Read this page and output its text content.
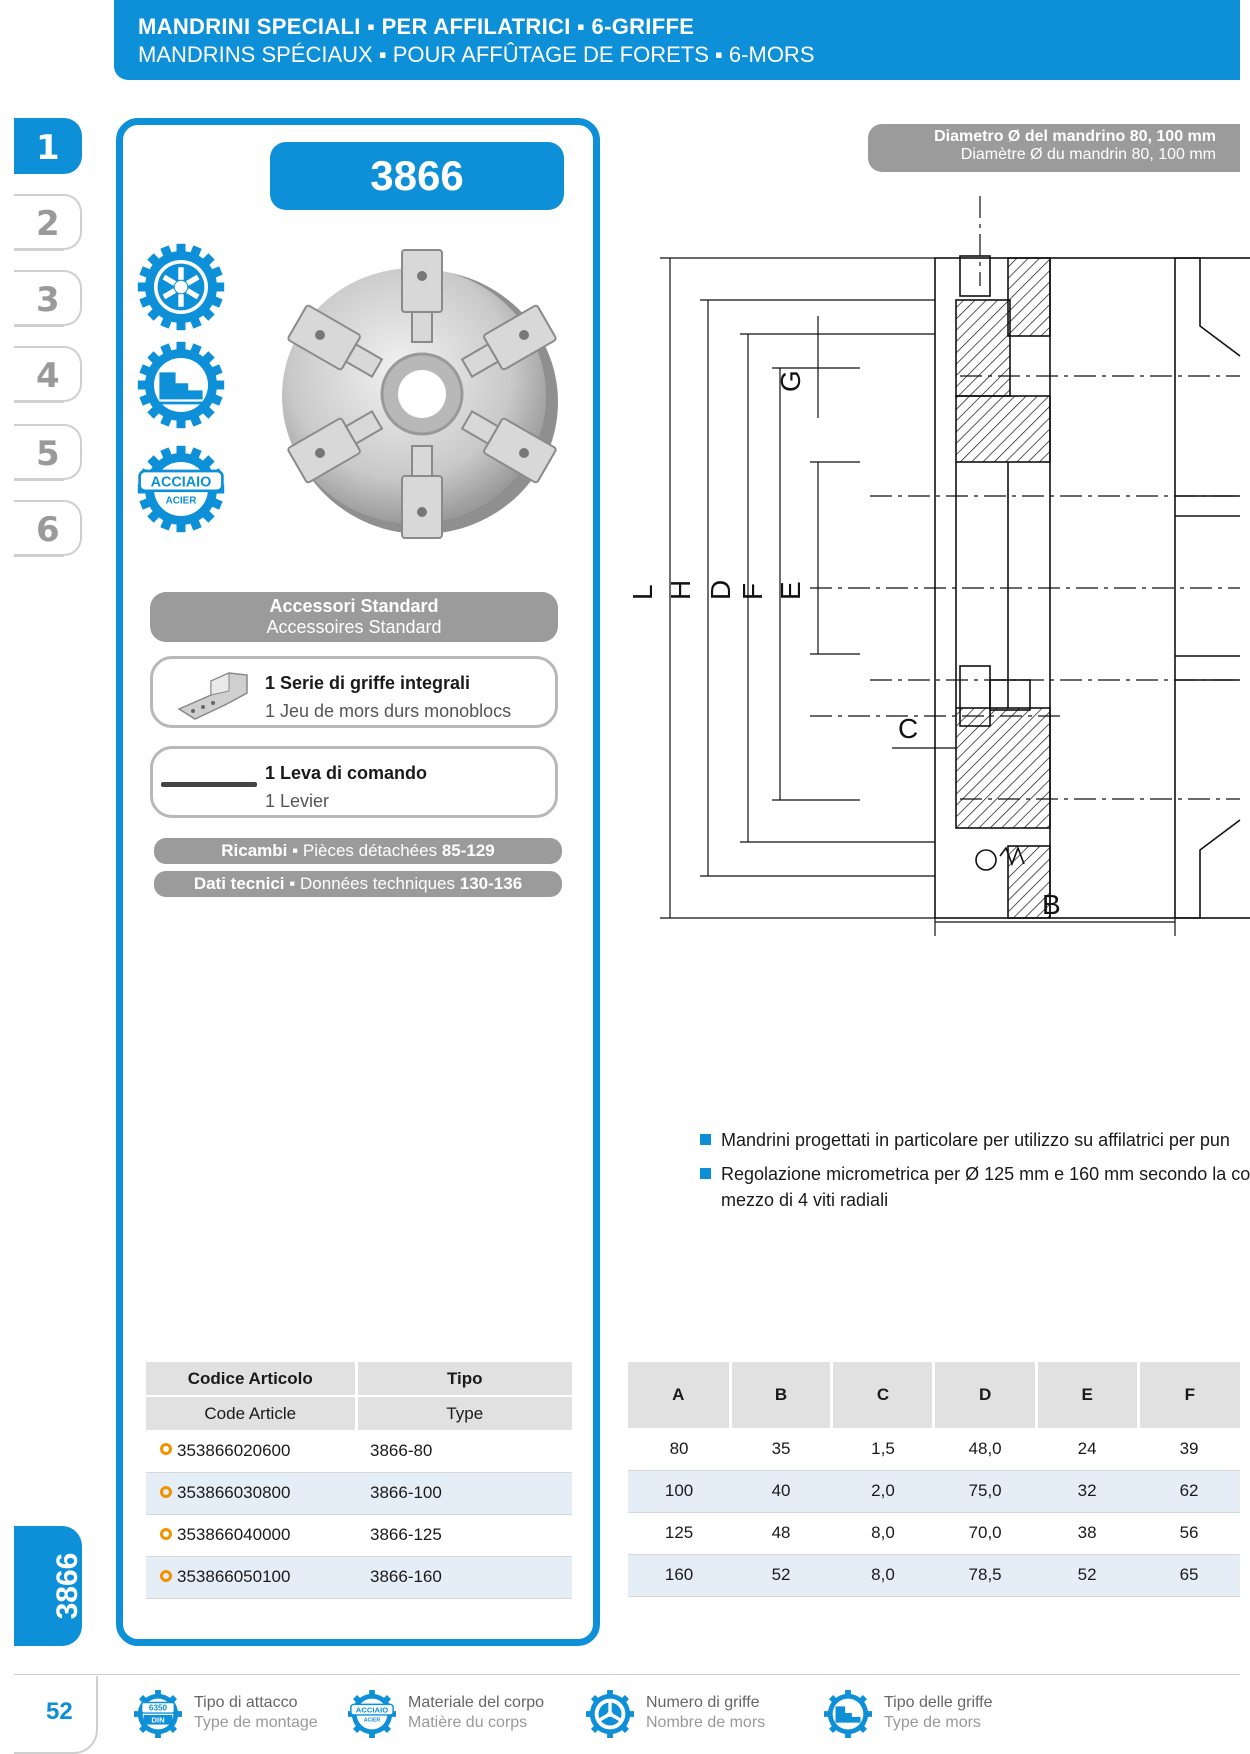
MANDRINI SPECIALI ▪ PER AFFILATRICI ▪ 6-GRIFFE
MANDRINS SPÉCIAUX ▪ POUR AFFÛTAGE DE FORETS ▪ 6-MORS
1
2
3
4
5
6
3866
3866
ACCIAIO
ACIER
Accessori Standard
Accessoires Standard
1 Serie di griffe integrali
1 Jeu de mors durs monoblocs
1 Leva di comando
1 Levier
Ricambi ▪ Pièces détachées 85-129
Dati tecnici ▪ Données techniques 130-136
Diametro Ø del mandrino 80, 100 mm
Diamètre Ø du mandrin 80, 100 mm
L H D F E
G
C
B
Mandrini progettati in particolare per utilizzo su affilatrici per pun
Regolazione micrometrica per Ø 125 mm e 160 mm secondo la co
mezzo di 4 viti radiali
Codice Articolo	Tipo
Code Article	Type
353866020600	3866-80
353866030800	3866-100
353866040000	3866-125
353866050100	3866-160
A	B	C	D	E	F
80	35	1,5	48,0	24	39
100	40	2,0	75,0	32	62
125	48	8,0	70,0	38	56
160	52	8,0	78,5	52	65
52	6350
DIN
Tipo di attacco
Type de montage
ACCIAIO
ACIER
Materiale del corpo
Matière du corps
Numero di griffe
Nombre de mors
Tipo delle griffe
Type de mors
